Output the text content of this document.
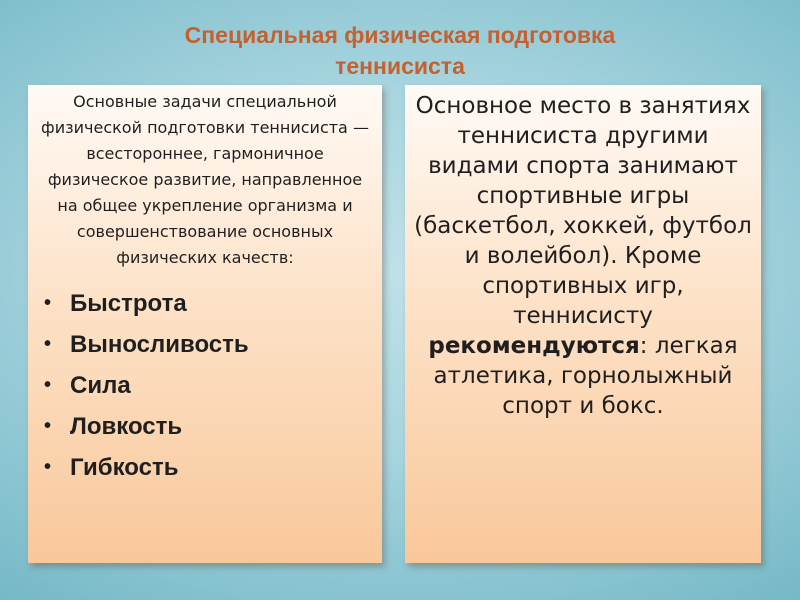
Специальная физическая подготовка
теннисиста

Основные задачи специальной физической подготовки теннисиста — всестороннее, гармоничное физическое развитие, направленное на общее укрепление организма и совершенствование основных физических качеств:

• Быстрота
• Выносливость
• Сила
• Ловкость
• Гибкость

Основное место в занятиях теннисиста другими видами спорта занимают спортивные игры (баскетбол, хоккей, футбол и волейбол). Кроме спортивных игр, теннисисту рекомендуются: легкая атлетика, горнолыжный спорт и бокс.
